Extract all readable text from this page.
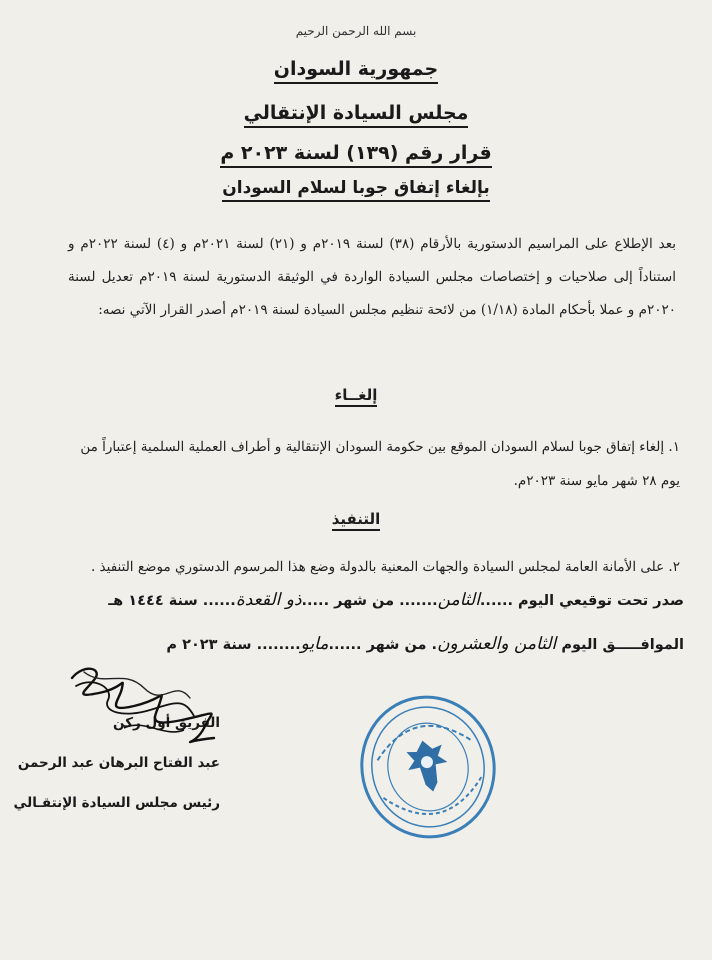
بسم الله الرحمن الرحيم
جمهورية السودان
مجلس السيادة الإنتقالي
قرار رقم (١٣٩) لسنة ٢٠٢٣ م
بإلغاء إتفاق جوبا لسلام السودان
بعد الإطلاع على المراسيم الدستورية بالأرقام (٣٨) لسنة ٢٠١٩م و (٢١) لسنة ٢٠٢١م و (٤) لسنة ٢٠٢٢م و استناداً إلى صلاحيات و إختصاصات مجلس السيادة الواردة في الوثيقة الدستورية لسنة ٢٠١٩م تعديل لسنة ٢٠٢٠م و عملا بأحكام المادة (١/١٨) من لائحة تنظيم مجلس السيادة لسنة ٢٠١٩م أصدر القرار الآتي نصه:
إلغــاء
١. إلغاء إتفاق جوبا لسلام السودان الموقع بين حكومة السودان الإنتقالية و أطراف العملية السلمية إعتباراً من يوم ٢٨ شهر مايو سنة ٢٠٢٣م.
التنفيذ
٢. على الأمانة العامة لمجلس السيادة والجهات المعنية بالدولة وضع هذا المرسوم الدستوري موضع التنفيذ .
صدر تحت توقيعي اليوم ......الثامن....... من شهر .....ذو القعدة...... سنة ١٤٤٤ هـ
الموافـــــق اليوم الثامن والعشرون. من شهر ......مايو........ سنة ٢٠٢٣ م
الفريق أول ركن
عبد الفتاح البرهان عبد الرحمن
رئيس مجلس السيادة الإنتقـالي
